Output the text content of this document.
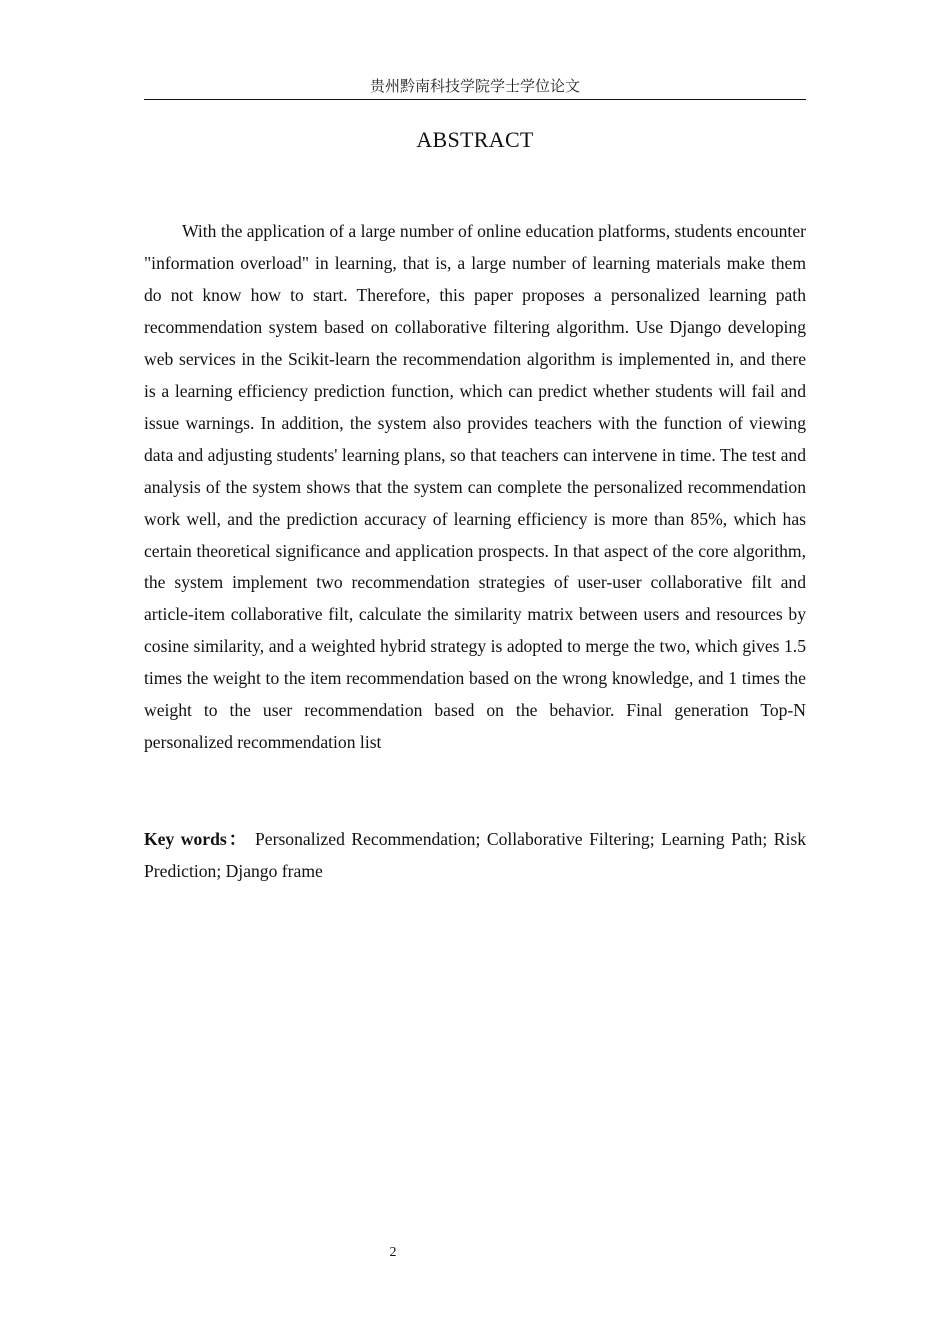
贵州黔南科技学院学士学位论文
ABSTRACT

With the application of a large number of online education platforms, students encounter "information overload" in learning, that is, a large number of learning materials make them do not know how to start. Therefore, this paper proposes a personalized learning path recommendation system based on collaborative filtering algorithm. Use Django developing web services in the Scikit-learn the recommendation algorithm is implemented in, and there is a learning efficiency prediction function, which can predict whether students will fail and issue warnings. In addition, the system also provides teachers with the function of viewing data and adjusting students' learning plans, so that teachers can intervene in time. The test and analysis of the system shows that the system can complete the personalized recommendation work well, and the prediction accuracy of learning efficiency is more than 85%, which has certain theoretical significance and application prospects. In that aspect of the core algorithm, the system implement two recommendation strategies of user-user collaborative filt and article-item collaborative filt, calculate the similarity matrix between users and resources by cosine similarity, and a weighted hybrid strategy is adopted to merge the two, which gives 1.5 times the weight to the item recommendation based on the wrong knowledge, and 1 times the weight to the user recommendation based on the behavior. Final generation Top-N personalized recommendation list

Key words： Personalized Recommendation; Collaborative Filtering; Learning Path; Risk Prediction; Django frame

2
